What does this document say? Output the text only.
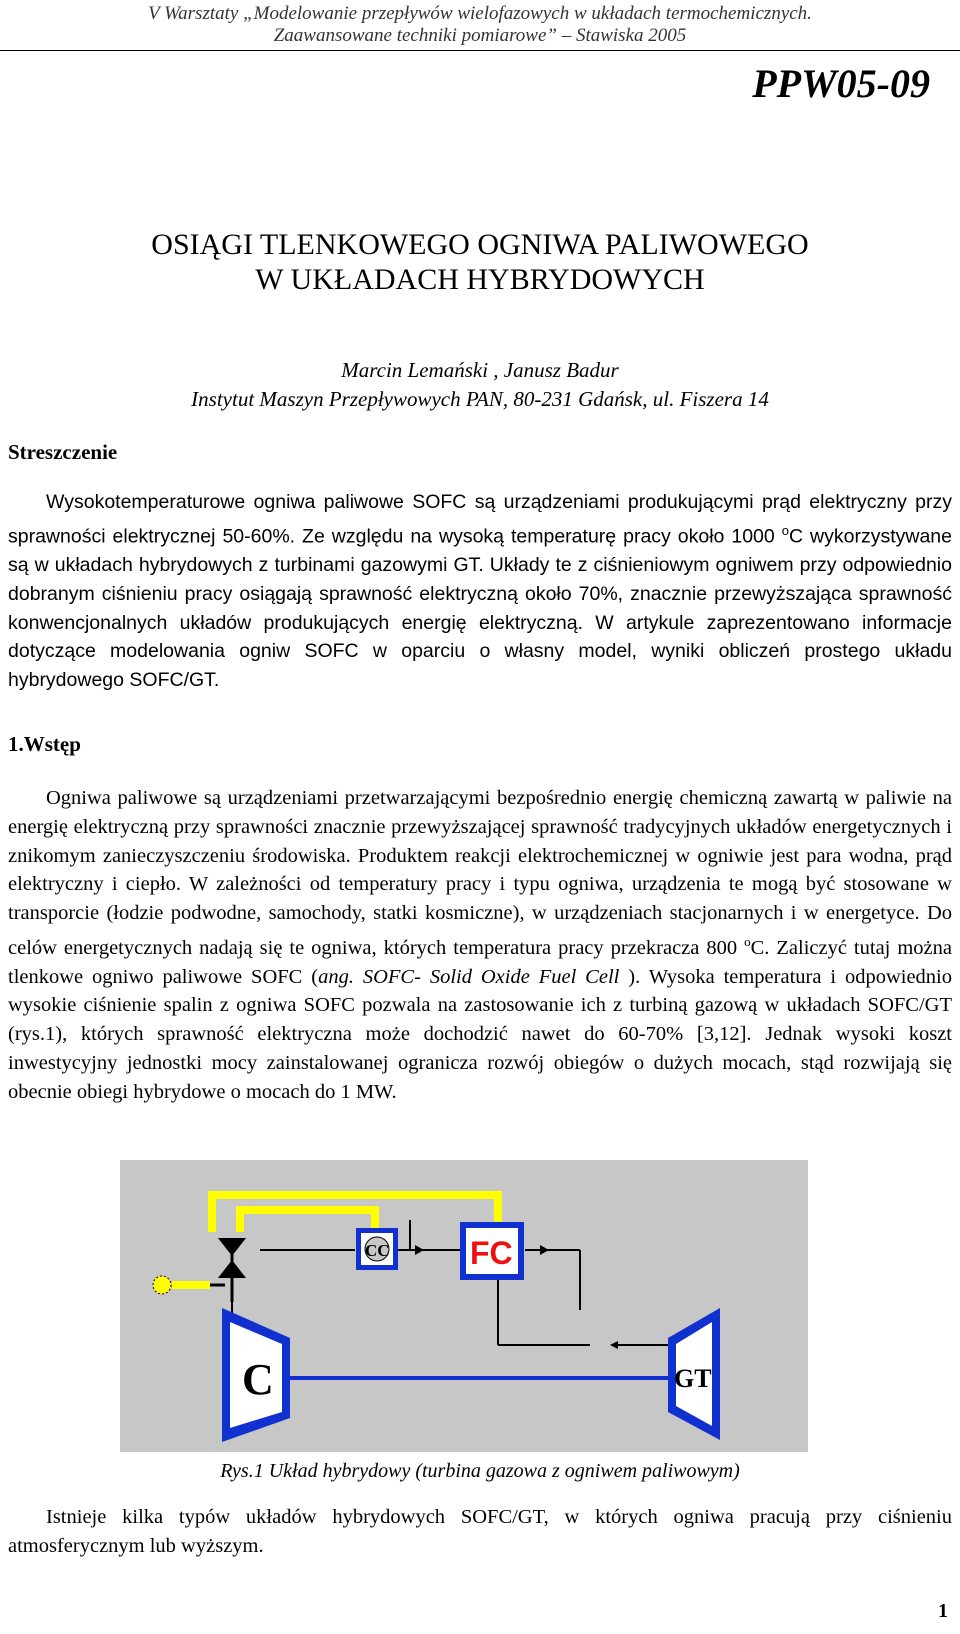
V Warsztaty „Modelowanie przepływów wielofazowych w układach termochemicznych.
Zaawansowane techniki pomiarowe” – Stawiska 2005
PPW05-09
OSIĄGI TLENKOWEGO OGNIWA PALIWOWEGO
W UKŁADACH HYBRYDOWYCH
Marcin Lemański , Janusz Badur
Instytut Maszyn Przepływowych PAN, 80-231 Gdańsk, ul. Fiszera 14
Streszczenie

Wysokotemperaturowe ogniwa paliwowe SOFC są urządzeniami produkującymi prąd elektryczny przy sprawności elektrycznej 50-60%. Ze względu na wysoką temperaturę pracy około 1000 $^o$C wykorzystywane są w układach hybrydowych z turbinami gazowymi GT. Układy te z ciśnieniowym ogniwem przy odpowiednio dobranym ciśnieniu pracy osiągają sprawność elektryczną około 70%, znacznie przewyższająca sprawność konwencjonalnych układów produkujących energię elektryczną. W artykule zaprezentowano informacje dotyczące modelowania ogniw SOFC w oparciu o własny model, wyniki obliczeń prostego układu hybrydowego SOFC/GT.

1.Wstęp

Ogniwa paliwowe są urządzeniami przetwarzającymi bezpośrednio energię chemiczną zawartą w paliwie na energię elektryczną przy sprawności znacznie przewyższającej sprawność tradycyjnych układów energetycznych i znikomym zanieczyszczeniu środowiska. Produktem reakcji elektrochemicznej w ogniwie jest para wodna, prąd elektryczny i ciepło. W zależności od temperatury pracy i typu ogniwa, urządzenia te mogą być stosowane w transporcie (łodzie podwodne, samochody, statki kosmiczne), w urządzeniach stacjonarnych i w energetyce. Do celów energetycznych nadają się te ogniwa, których temperatura pracy przekracza 800 $^o$C. Zaliczyć tutaj można tlenkowe ogniwo paliwowe SOFC (ang. SOFC- Solid Oxide Fuel Cell ). Wysoka temperatura i odpowiednio wysokie ciśnienie spalin z ogniwa SOFC pozwala na zastosowanie ich z turbiną gazową w układach SOFC/GT (rys.1), których sprawność elektryczna może dochodzić nawet do 60-70% [3,12]. Jednak wysoki koszt inwestycyjny jednostki mocy zainstalowanej ogranicza rozwój obiegów o dużych mocach, stąd rozwijają się obecnie obiegi hybrydowe o mocach do 1 MW.

C
CC	FC
GT
Rys.1 Układ hybrydowy (turbina gazowa z ogniwem paliwowym)

Istnieje kilka typów układów hybrydowych SOFC/GT, w których ogniwa pracują przy ciśnieniu atmosferycznym lub wyższym.

1
